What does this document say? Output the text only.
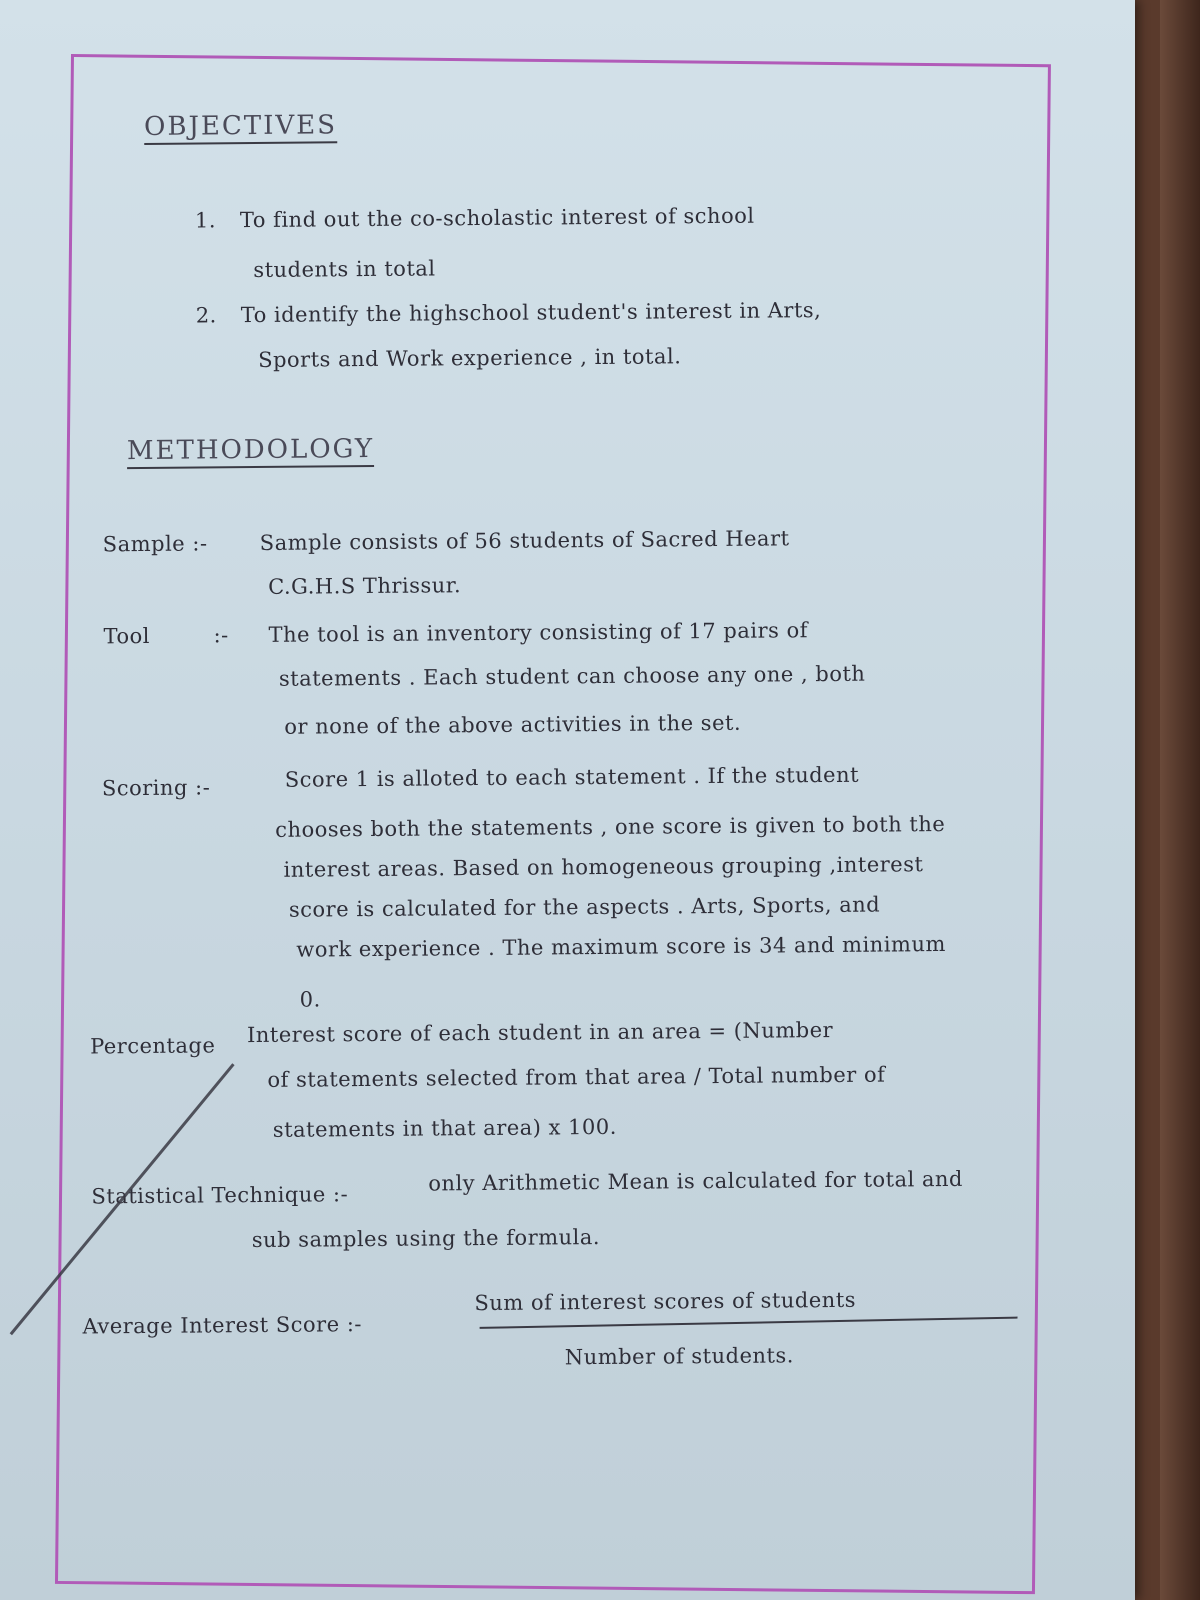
OBJECTIVES
1. To find out the co-scholastic interest of school
students in total
2. To identify the highschool student's interest in Arts,
Sports and Work experience , in total.
METHODOLOGY
Sample :- Sample consists of 56 students of Sacred Heart
C.G.H.S Thrissur.
Tool	:- The tool is an inventory consisting of 17 pairs of
statements . Each student can choose any one , both
or none of the above activities in the set.
Scoring :-	Score 1 is alloted to each statement . If the student
chooses both the statements , one score is given to both the
interest areas. Based on homogeneous grouping ,interest
score is calculated for the aspects . Arts, Sports, and
work experience . The maximum score is 34 and minimum
0.
Percentage Interest score of each student in an area = (Number
of statements selected from that area / Total number of
statements in that area) x 100.
Statistical Technique :-	only Arithmetic Mean is calculated for total and
sub samples using the formula.
Average Interest Score :-
Sum of interest scores of students
Number of students.
